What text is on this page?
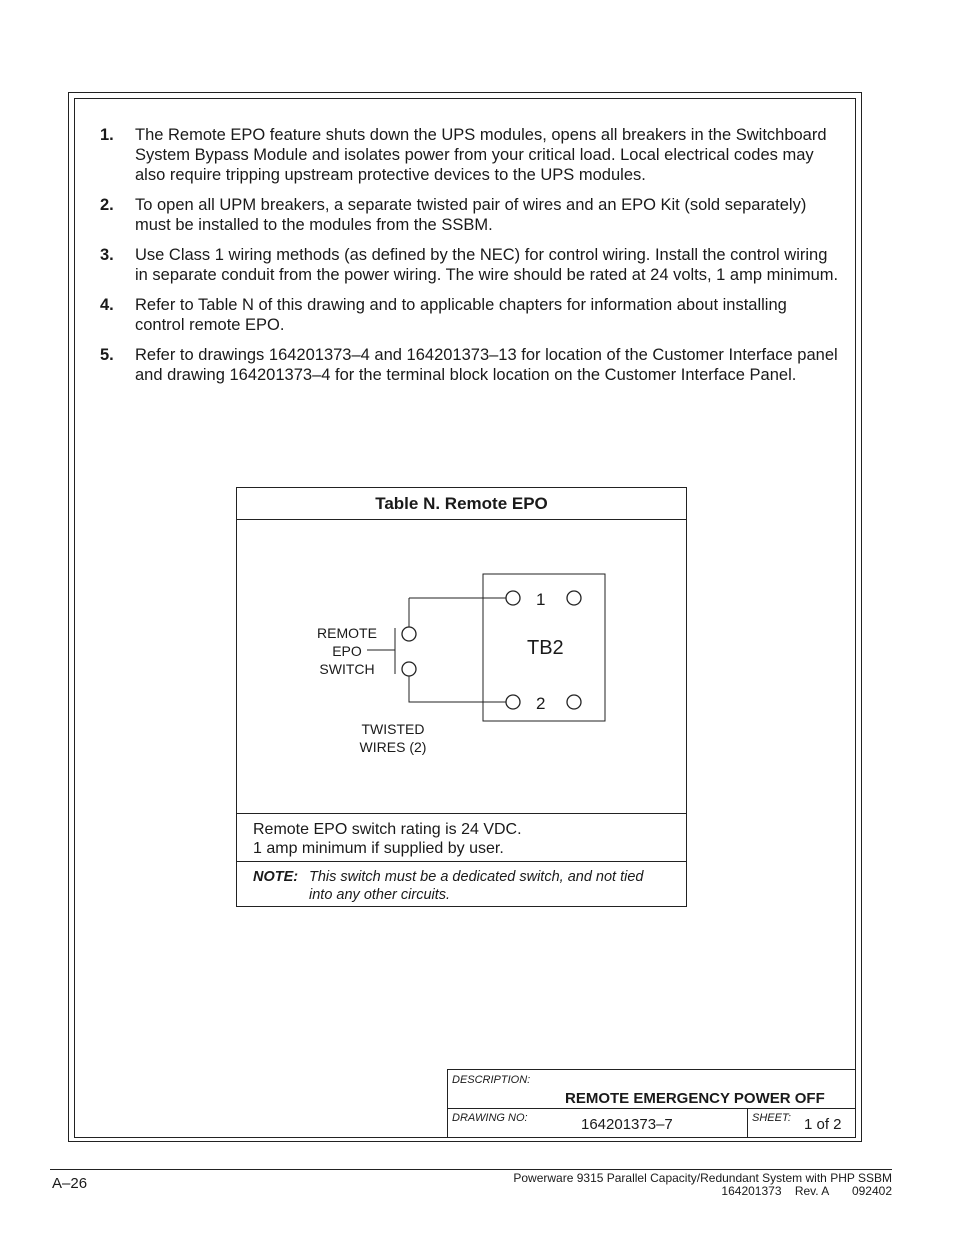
1. The Remote EPO feature shuts down the UPS modules, opens all breakers in the Switchboard System Bypass Module and isolates power from your critical load. Local electrical codes may also require tripping upstream protective devices to the UPS modules.
2. To open all UPM breakers, a separate twisted pair of wires and an EPO Kit (sold separately) must be installed to the modules from the SSBM.
3. Use Class 1 wiring methods (as defined by the NEC) for control wiring. Install the control wiring in separate conduit from the power wiring. The wire should be rated at 24 volts, 1 amp minimum.
4. Refer to Table N of this drawing and to applicable chapters for information about installing control remote EPO.
5. Refer to drawings 164201373–4 and 164201373–13 for location of the Customer Interface panel and drawing 164201373–4 for the terminal block location on the Customer Interface Panel.
Table N. Remote EPO
1
2
TB2
REMOTE
EPO
SWITCH
TWISTED
WIRES (2)
Remote EPO switch rating is 24 VDC.
1 amp minimum if supplied by user.
NOTE: This switch must be a dedicated switch, and not tied into any other circuits.
DESCRIPTION:
REMOTE EMERGENCY POWER OFF
DRAWING NO:	164201373–7	SHEET: 1 of 2
A–26	Powerware 9315 Parallel Capacity/Redundant System with PHP SSBM
164201373    Rev. A       092402
